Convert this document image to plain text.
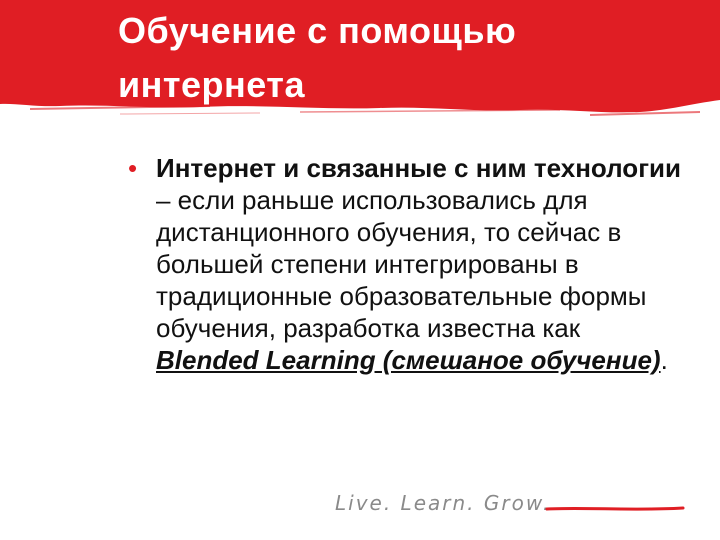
Обучение с помощью
интернета
• Интернет и связанные с ним технологии – если раньше использовались для дистанционного обучения, то сейчас в большей степени интегрированы в традиционные образовательные формы обучения, разработка известна как Blended Learning (смешаное обучение).

Live. Learn. Grow.
